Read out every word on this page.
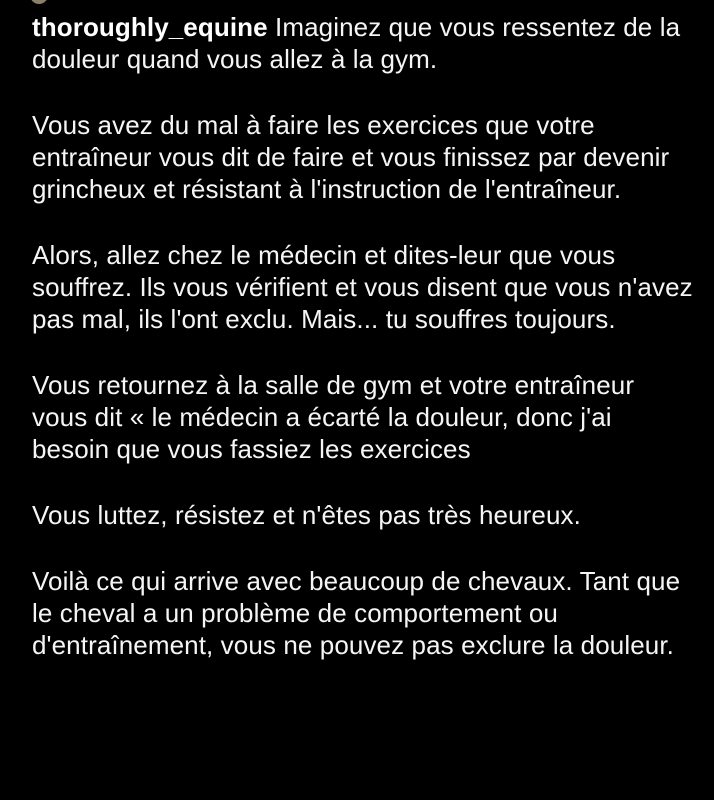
thoroughly_equine Imaginez que vous ressentez de la douleur quand vous allez à la gym.

Vous avez du mal à faire les exercices que votre entraîneur vous dit de faire et vous finissez par devenir grincheux et résistant à l'instruction de l'entraîneur.

Alors, allez chez le médecin et dites-leur que vous souffrez. Ils vous vérifient et vous disent que vous n'avez pas mal, ils l'ont exclu. Mais... tu souffres toujours.

Vous retournez à la salle de gym et votre entraîneur vous dit « le médecin a écarté la douleur, donc j'ai besoin que vous fassiez les exercices

Vous luttez, résistez et n'êtes pas très heureux.

Voilà ce qui arrive avec beaucoup de chevaux. Tant que le cheval a un problème de comportement ou d'entraînement, vous ne pouvez pas exclure la douleur.
